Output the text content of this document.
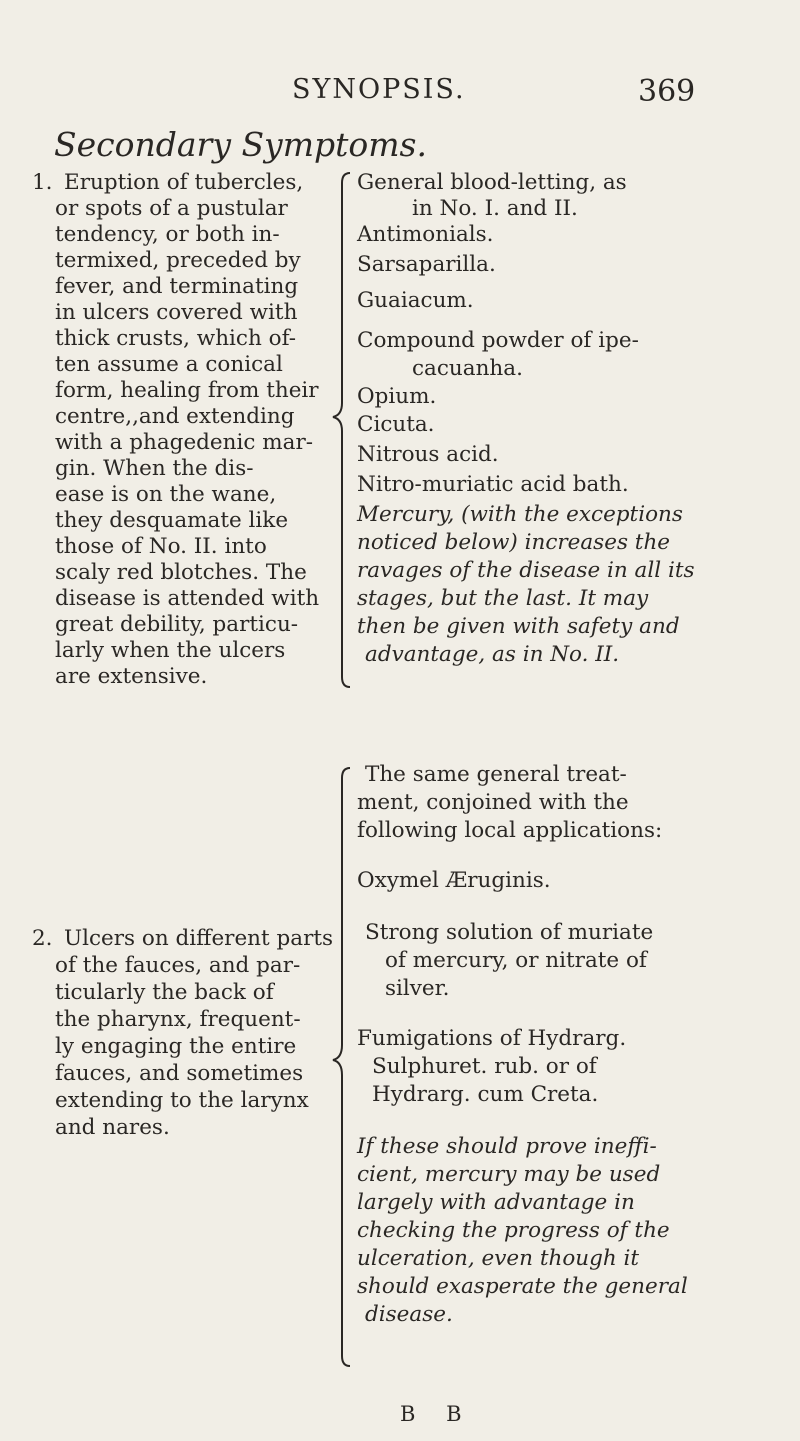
SYNOPSIS.	369
Secondary Symptoms.
1. Eruption of tubercles,
or spots of a pustular
tendency, or both in-
termixed, preceded by
fever, and terminating
in ulcers covered with
thick crusts, which of-
ten assume a conical
form, healing from their
centre,,and extending
with a phagedenic mar-
gin. When the dis-
ease is on the wane,
they desquamate like
those of No. II. into
scaly red blotches. The
disease is attended with
great debility, particu-
larly when the ulcers
are extensive.
General blood-letting, as
in No. I. and II.
Antimonials.
Sarsaparilla.
Guaiacum.
Compound powder of ipe-
cacuanha.
Opium.
Cicuta.
Nitrous acid.
Nitro-muriatic acid bath.
Mercury, (with the exceptions
noticed below) increases the
ravages of the disease in all its
stages, but the last. It may
then be given with safety and
advantage, as in No. II.
2. Ulcers on different parts
of the fauces, and par-
ticularly the back of
the pharynx, frequent-
ly engaging the entire
fauces, and sometimes
extending to the larynx
and nares.
The same general treat-
ment, conjoined with the
following local applications:
Oxymel Æruginis.
Strong solution of muriate
of mercury, or nitrate of
silver.
Fumigations of Hydrarg.
Sulphuret. rub. or of
Hydrarg. cum Creta.
If these should prove ineffi-
cient, mercury may be used
largely with advantage in
checking the progress of the
ulceration, even though it
should exasperate the general
disease.
B B
